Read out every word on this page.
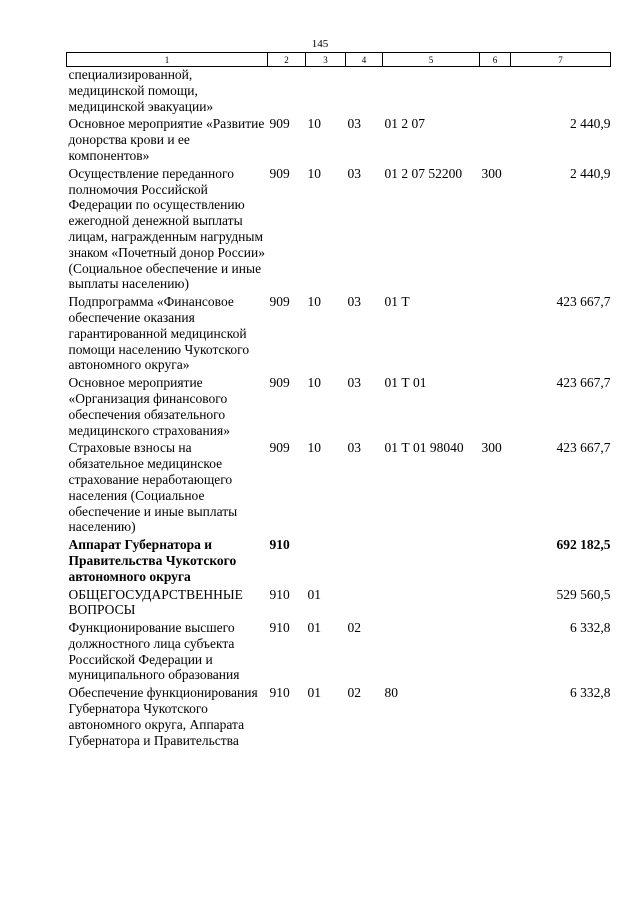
145
1	2	3	4	5	6	7
специализированной, медицинской помощи, медицинской эвакуации»						
Основное мероприятие «Развитие донорства крови и ее компонентов»	909	10	03	01 2 07		2 440,9
Осуществление переданного полномочия Российской Федерации по осуществлению ежегодной денежной выплаты лицам, награжденным нагрудным знаком «Почетный донор России» (Социальное обеспечение и иные выплаты населению)	909	10	03	01 2 07 52200	300	2 440,9
Подпрограмма «Финансовое обеспечение оказания гарантированной медицинской помощи населению Чукотского автономного округа»	909	10	03	01 Т		423 667,7
Основное мероприятие «Организация финансового обеспечения обязательного медицинского страхования»	909	10	03	01 Т 01		423 667,7
Страховые взносы на обязательное медицинское страхование неработающего населения (Социальное обеспечение и иные выплаты населению)	909	10	03	01 Т 01 98040	300	423 667,7
Аппарат Губернатора и Правительства Чукотского автономного округа	910					692 182,5
ОБЩЕГОСУДАРСТВЕННЫЕ ВОПРОСЫ	910	01				529 560,5
Функционирование высшего должностного лица субъекта Российской Федерации и муниципального образования	910	01	02			6 332,8
Обеспечение функционирования Губернатора Чукотского автономного округа, Аппарата Губернатора и Правительства	910	01	02	80		6 332,8
